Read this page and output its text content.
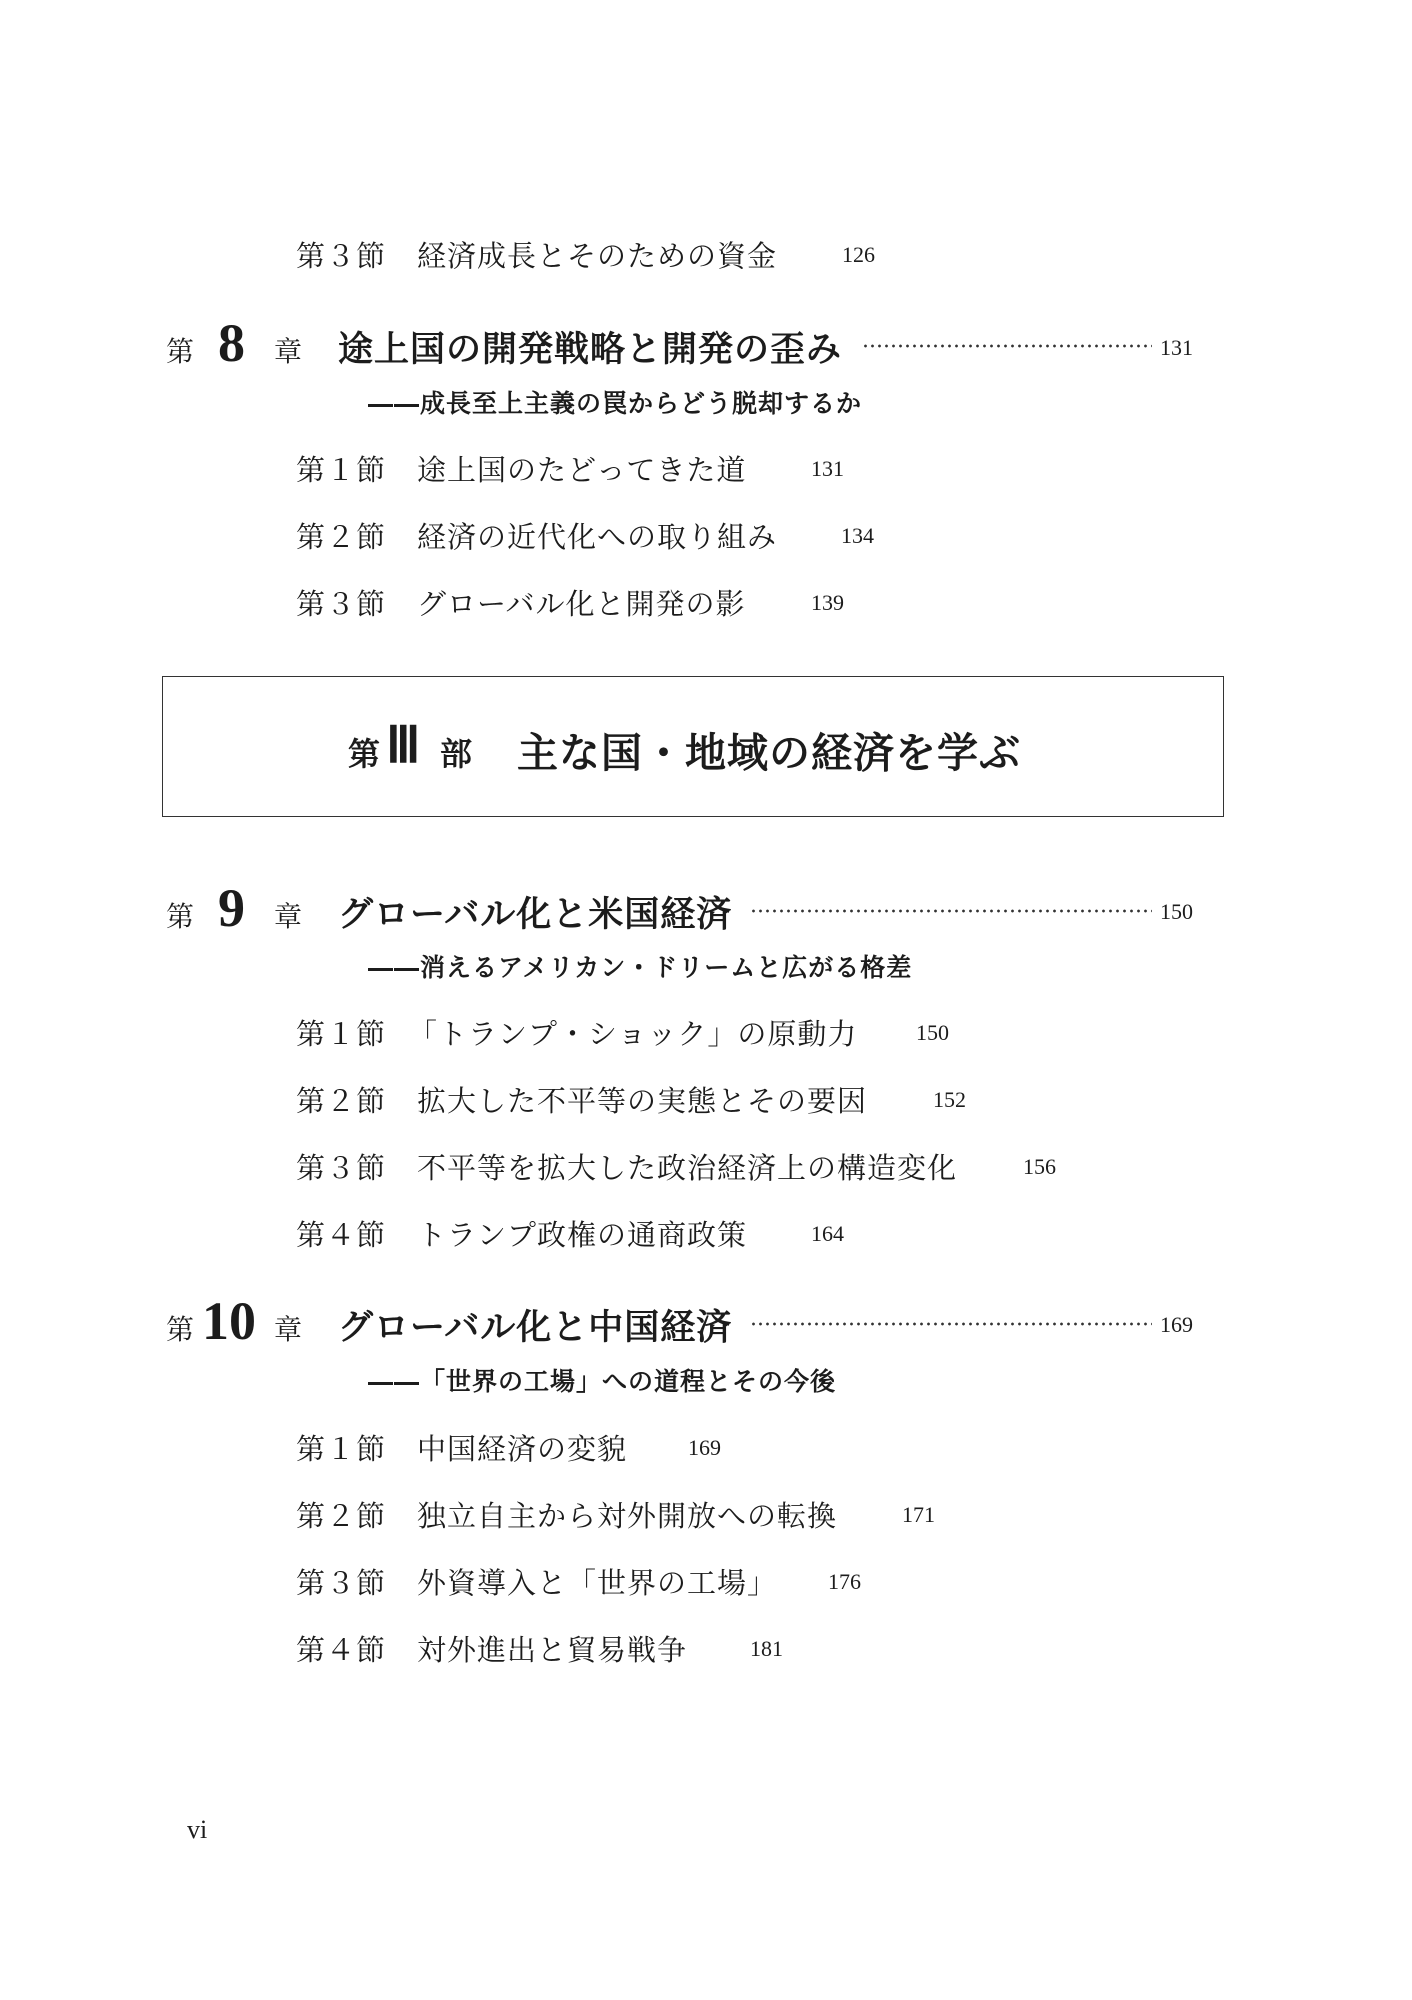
第３節 経済成長とそのための資金	126
第 8 章 途上国の開発戦略と開発の歪み	131
――成長至上主義の罠からどう脱却するか
第１節 途上国のたどってきた道	131
第２節 経済の近代化への取り組み	134
第３節 グローバル化と開発の影	139
第 Ⅲ 部 主な国・地域の経済を学ぶ
第 9 章 グローバル化と米国経済	150
――消えるアメリカン・ドリームと広がる格差
第１節 「トランプ・ショック」の原動力	150
第２節 拡大した不平等の実態とその要因	152
第３節 不平等を拡大した政治経済上の構造変化	156
第４節 トランプ政権の通商政策	164
第 10 章 グローバル化と中国経済	169
――「世界の工場」への道程とその今後
第１節 中国経済の変貌	169
第２節 独立自主から対外開放への転換	171
第３節 外資導入と「世界の工場」 176
第４節 対外進出と貿易戦争	181
vi
